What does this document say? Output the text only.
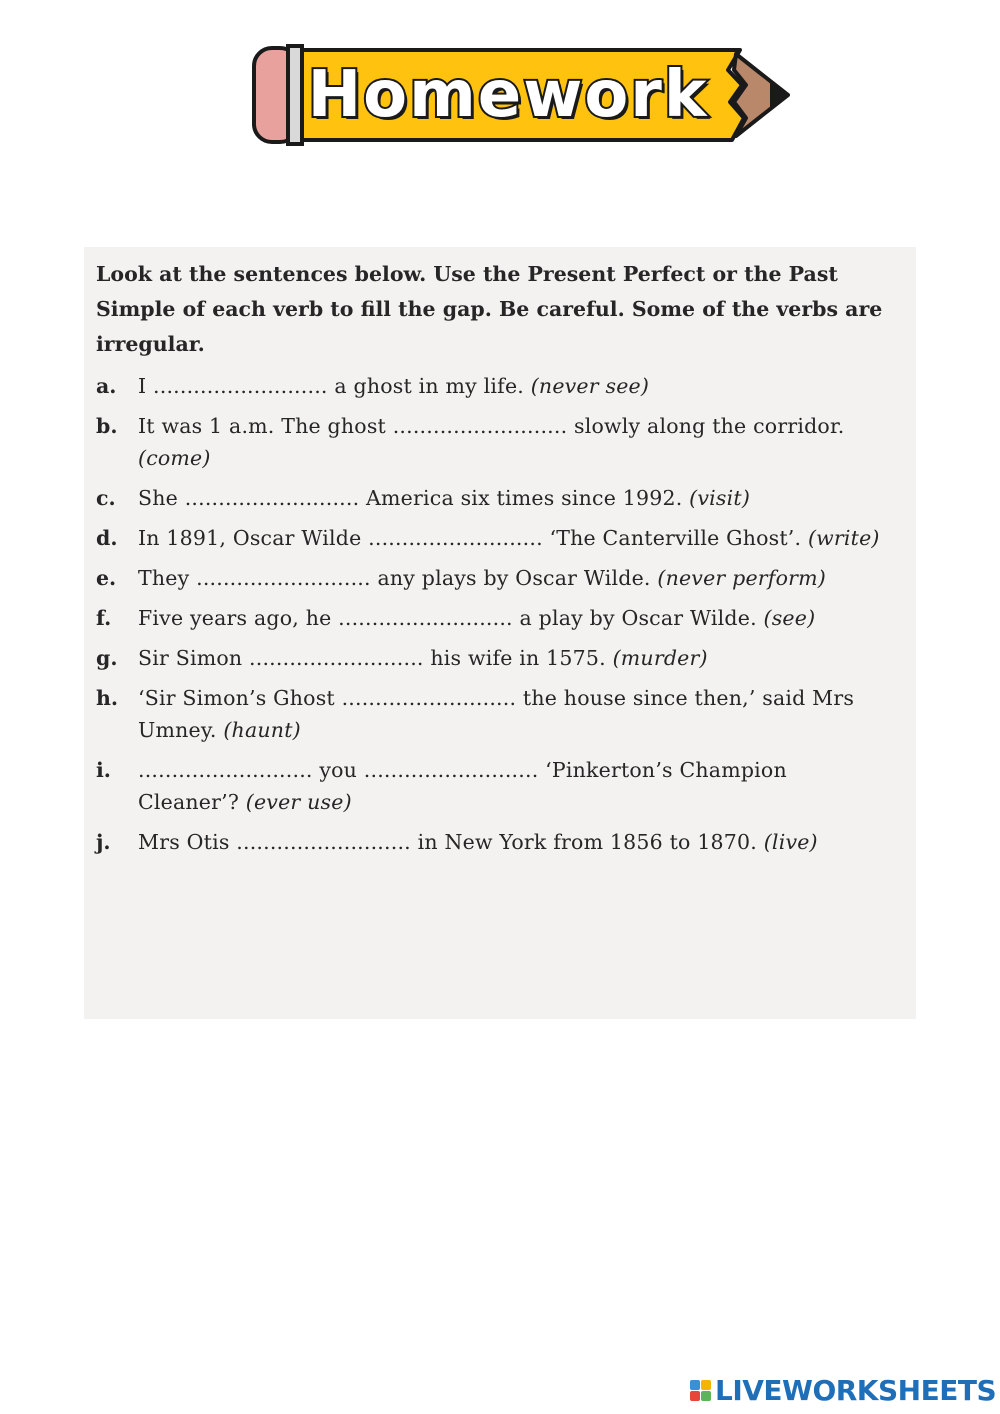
Homework

Look at the sentences below. Use the Present Perfect or the Past Simple of each verb to fill the gap. Be careful. Some of the verbs are irregular.

a.	I .......................... a ghost in my life. (never see)
b.	It was 1 a.m. The ghost .......................... slowly along the corridor. (come)
c.	She .......................... America six times since 1992. (visit)
d.	In 1891, Oscar Wilde .......................... ‘The Canterville Ghost’. (write)
e.	They .......................... any plays by Oscar Wilde. (never perform)
f.	Five years ago, he .......................... a play by Oscar Wilde. (see)
g.	Sir Simon .......................... his wife in 1575. (murder)
h. ‘Sir Simon’s Ghost .......................... the house since then,’ said Mrs Umney. (haunt)
i.	.......................... you .......................... ‘Pinkerton’s Champion Cleaner’? (ever use)
j.	Mrs Otis .......................... in New York from 1856 to 1870. (live)
LIVEWORKSHEETS
